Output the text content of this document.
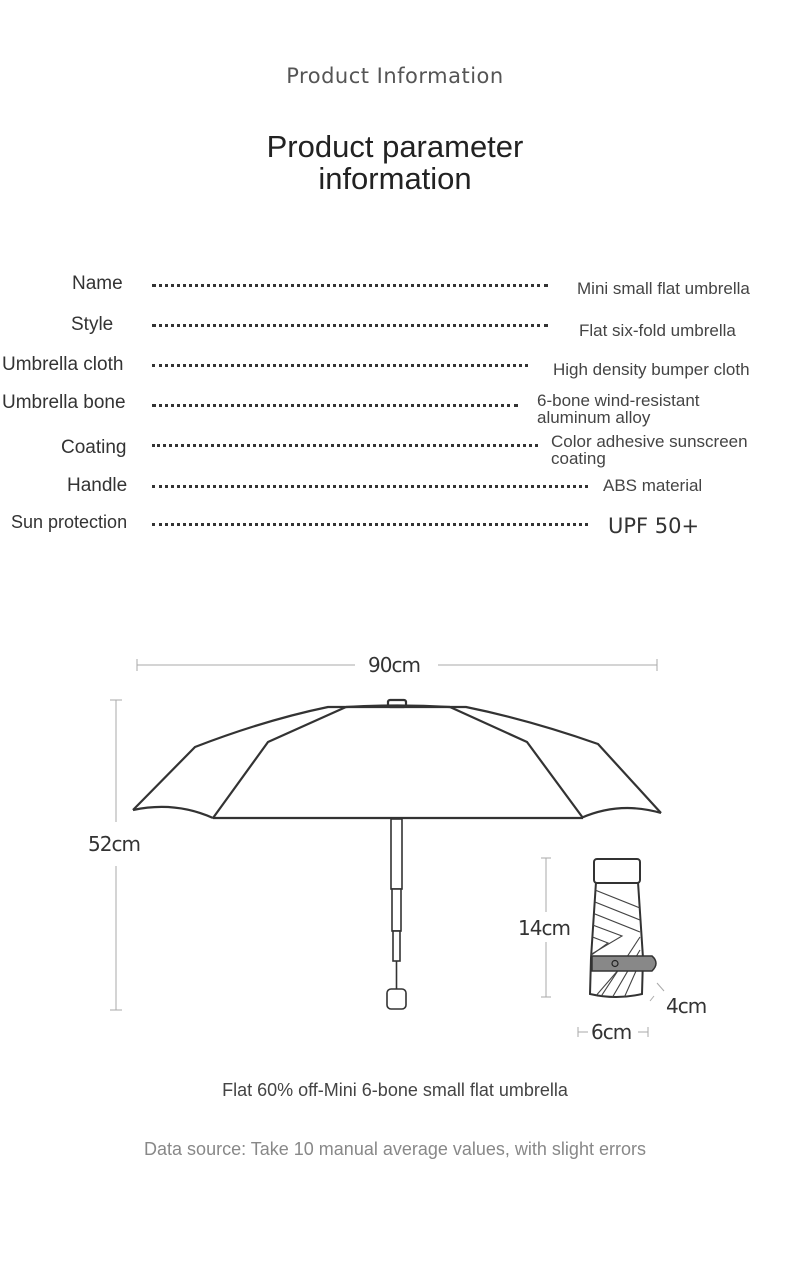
Product Information
Product parameter
information
Name	Mini small flat umbrella
Style	Flat six-fold umbrella
Umbrella cloth	High density bumper cloth
Umbrella bone	6-bone wind-resistant
aluminum alloy
Coating	Color adhesive sunscreen
coating
Handle	ABS material
Sun protection	UPF 50+
90cm
52cm
14cm
6cm
4cm
Flat 60% off-Mini 6-bone small flat umbrella
Data source: Take 10 manual average values, with slight errors
